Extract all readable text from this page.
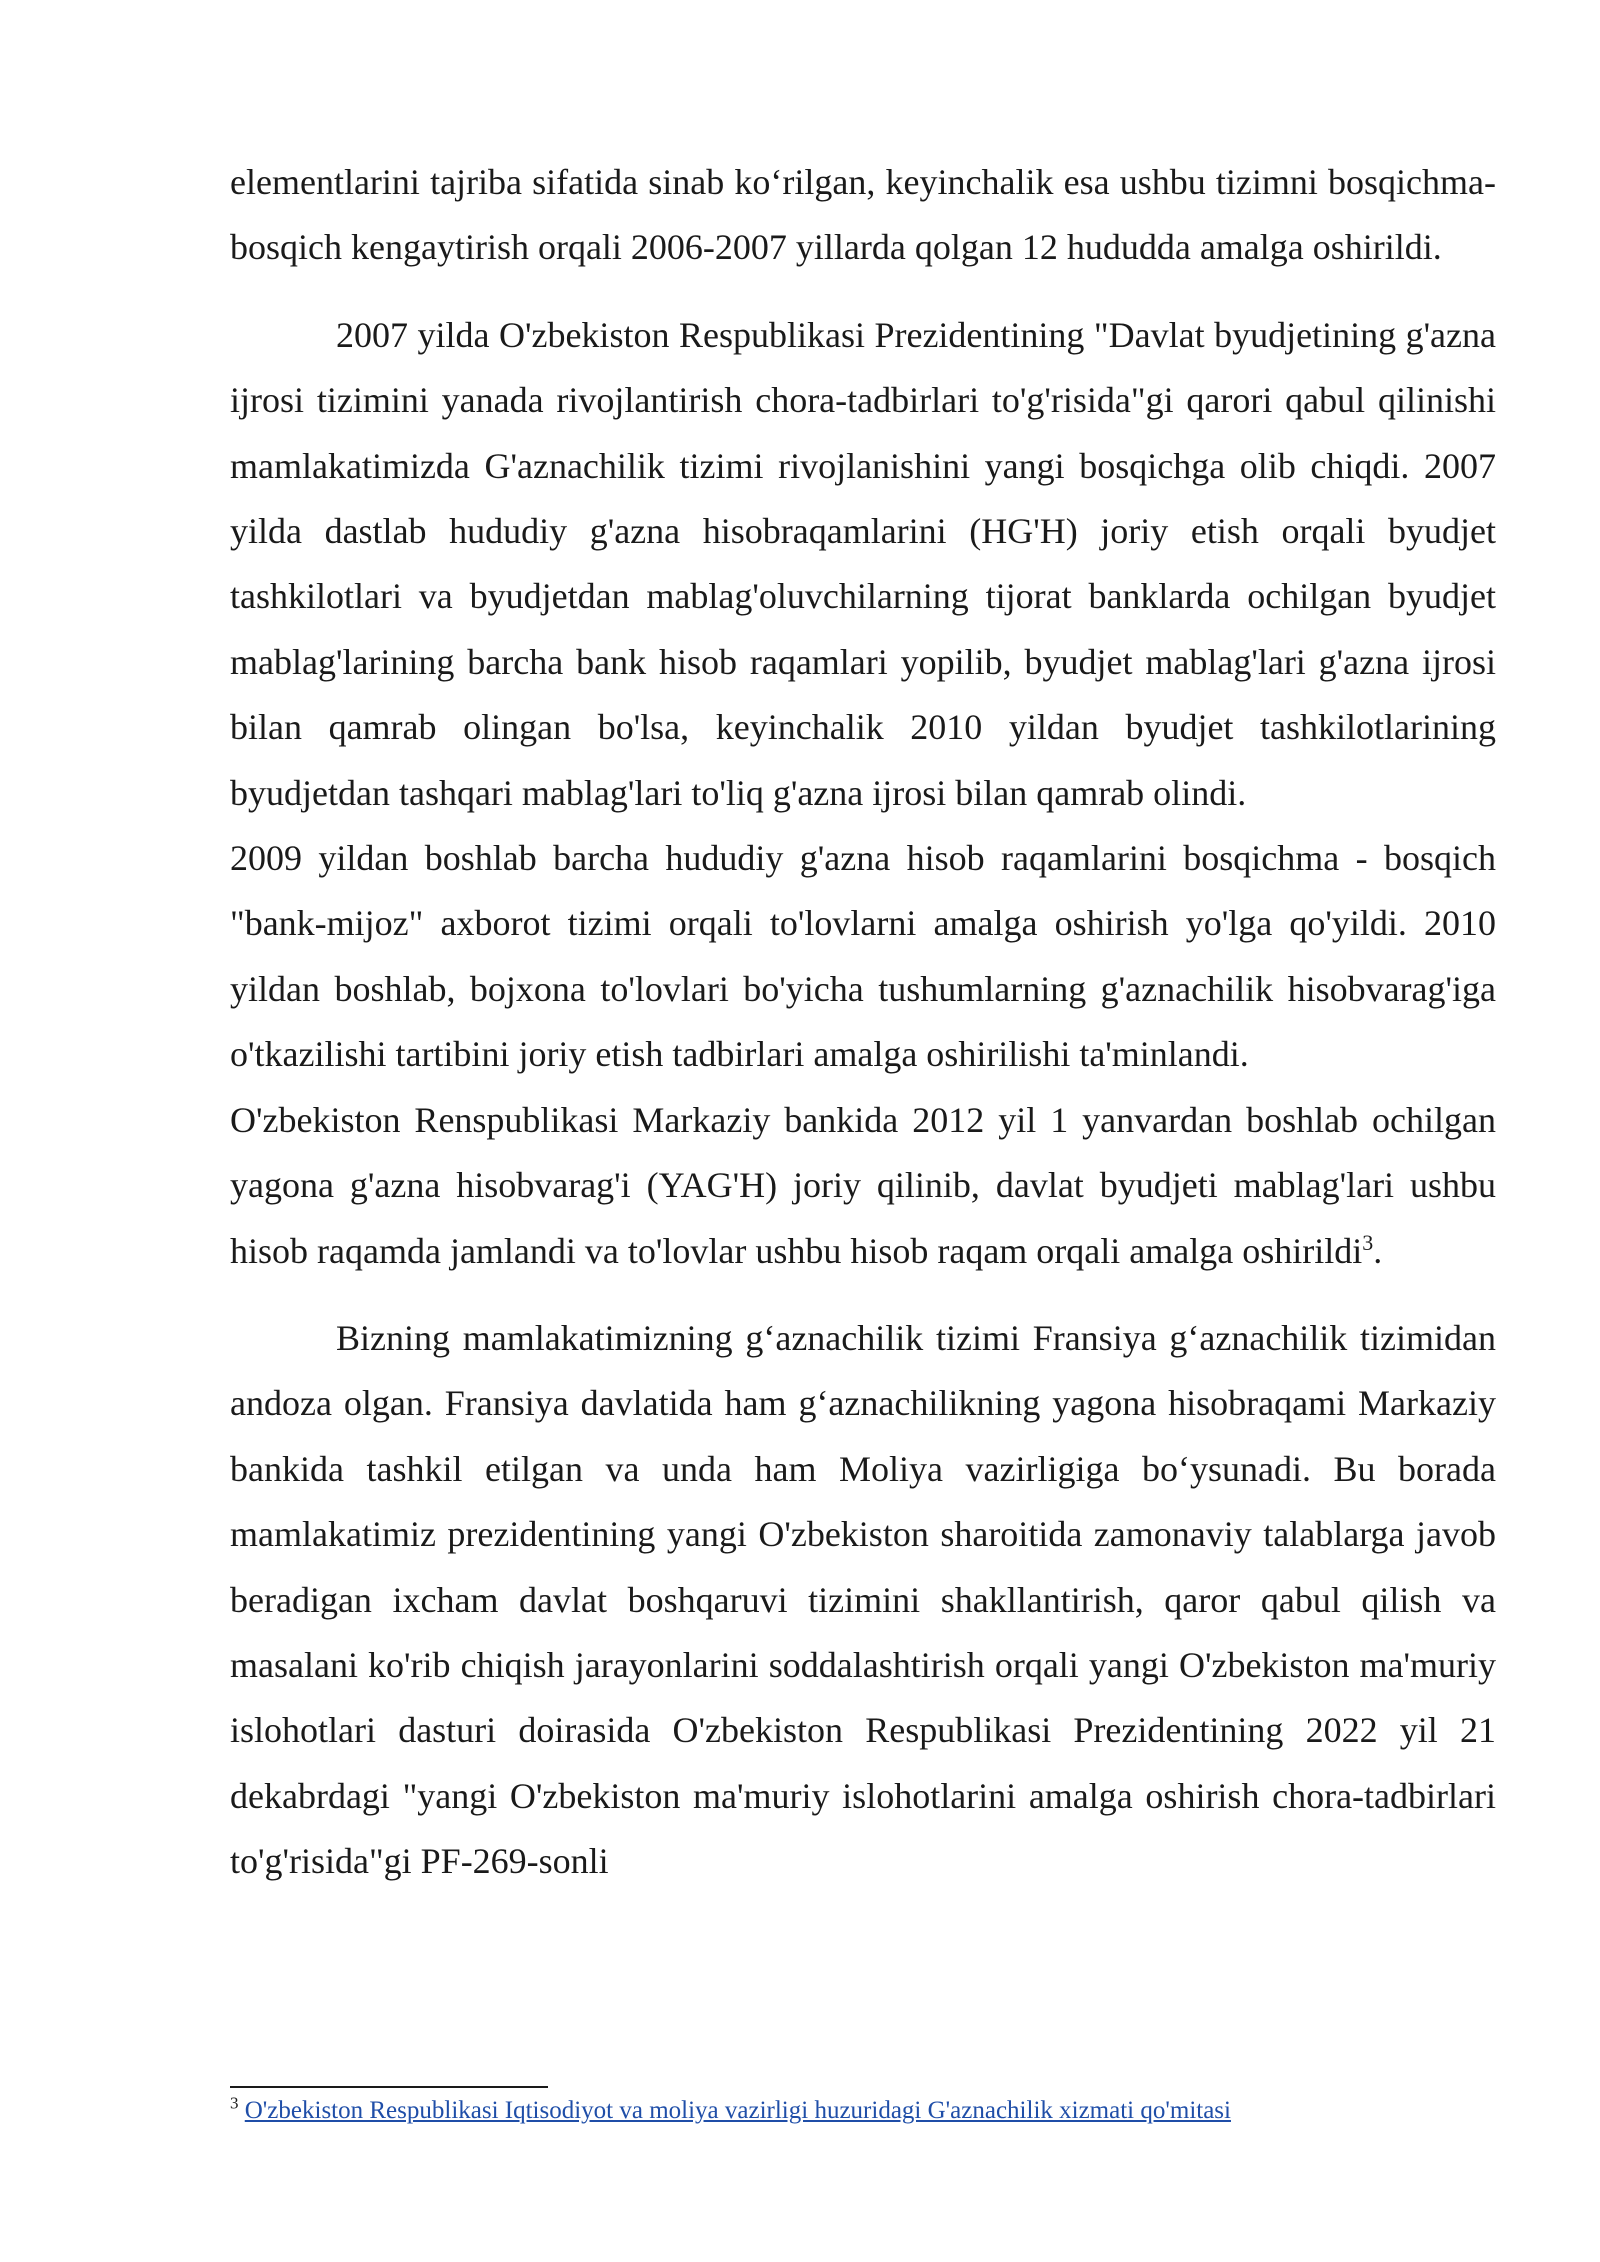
elementlarini tajriba sifatida sinab ko‘rilgan, keyinchalik esa ushbu tizimni bosqichma-bosqich kengaytirish orqali 2006-2007 yillarda qolgan 12 hududda amalga oshirildi.

2007 yilda O'zbekiston Respublikasi Prezidentining "Davlat byudjetining g'azna ijrosi tizimini yanada rivojlantirish chora-tadbirlari to'g'risida"gi qarori qabul qilinishi mamlakatimizda G'aznachilik tizimi rivojlanishini yangi bosqichga olib chiqdi. 2007 yilda dastlab hududiy g'azna hisobraqamlarini (HG'H) joriy etish orqali byudjet tashkilotlari va byudjetdan mablag'oluvchilarning tijorat banklarda ochilgan byudjet mablag'larining barcha bank hisob raqamlari yopilib, byudjet mablag'lari g'azna ijrosi bilan qamrab olingan bo'lsa, keyinchalik 2010 yildan byudjet tashkilotlarining byudjetdan tashqari mablag'lari to'liq g'azna ijrosi bilan qamrab olindi.

2009 yildan boshlab barcha hududiy g'azna hisob raqamlarini bosqichma - bosqich "bank-mijoz" axborot tizimi orqali to'lovlarni amalga oshirish yo'lga qo'yildi. 2010 yildan boshlab, bojxona to'lovlari bo'yicha tushumlarning g'aznachilik hisobvarag'iga o'tkazilishi tartibini joriy etish tadbirlari amalga oshirilishi ta'minlandi.

O'zbekiston Renspublikasi Markaziy bankida 2012 yil 1 yanvardan boshlab ochilgan yagona g'azna hisobvarag'i (YAG'H) joriy qilinib, davlat byudjeti mablag'lari ushbu hisob raqamda jamlandi va to'lovlar ushbu hisob raqam orqali amalga oshirildi$^3$.

Bizning mamlakatimizning g‘aznachilik tizimi Fransiya g‘aznachilik tizimidan andoza olgan. Fransiya davlatida ham g‘aznachilikning yagona hisobraqami Markaziy bankida tashkil etilgan va unda ham Moliya vazirligiga bo‘ysunadi. Bu borada mamlakatimiz prezidentining yangi O'zbekiston sharoitida zamonaviy talablarga javob beradigan ixcham davlat boshqaruvi tizimini shakllantirish, qaror qabul qilish va masalani ko'rib chiqish jarayonlarini soddalashtirish orqali yangi O'zbekiston ma'muriy islohotlari dasturi doirasida O'zbekiston Respublikasi Prezidentining 2022 yil 21 dekabrdagi "yangi O'zbekiston ma'muriy islohotlarini amalga oshirish chora-tadbirlari to'g'risida"gi PF-269-sonli

$^3$ O'zbekiston Respublikasi Iqtisodiyot va moliya vazirligi huzuridagi G'aznachilik xizmati qo'mitasi
